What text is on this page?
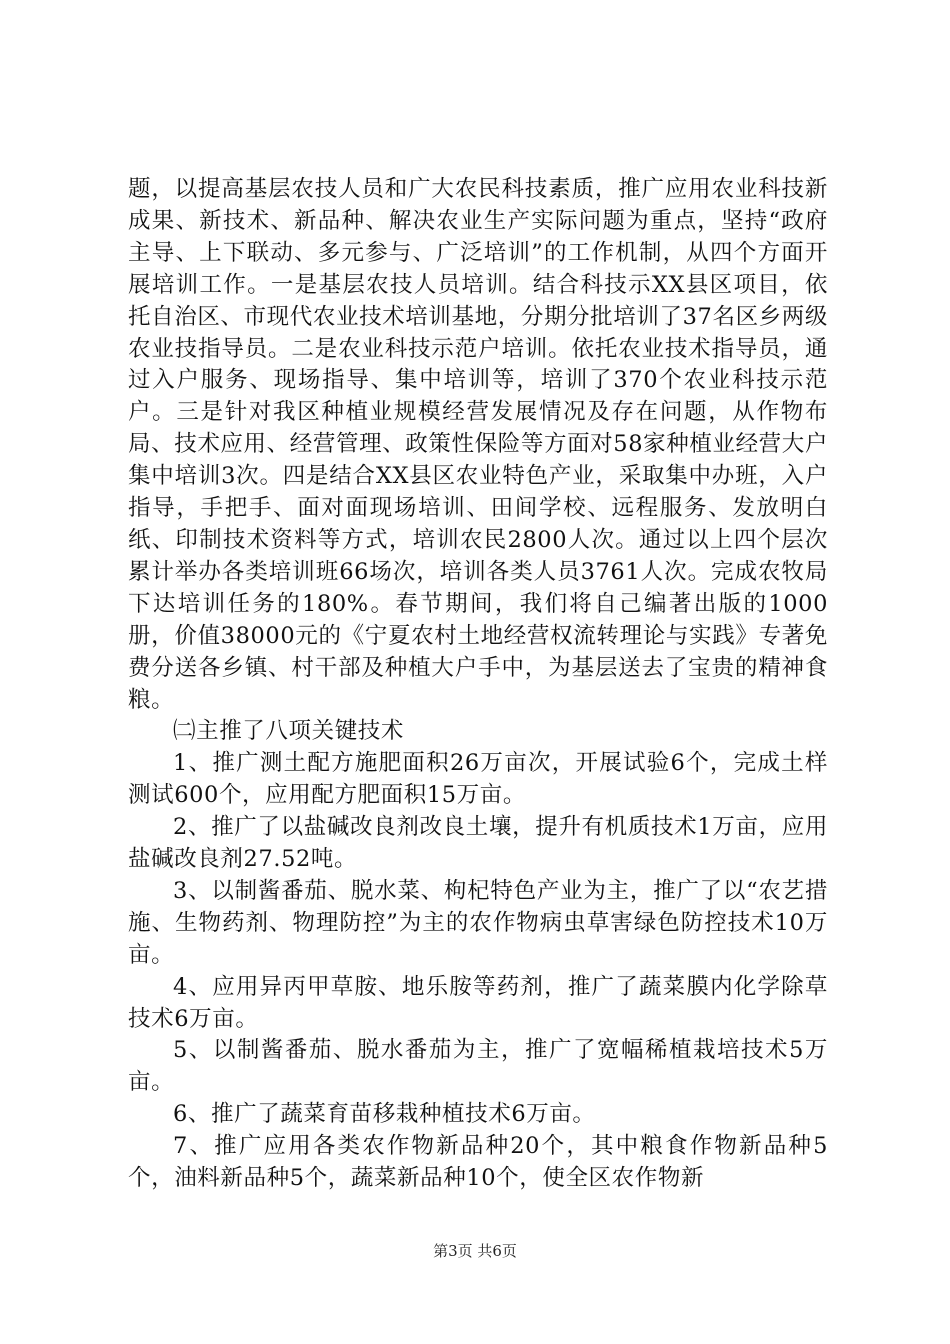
题，以提高基层农技人员和广大农民科技素质，推广应用农业科技新成果、新技术、新品种、解决农业生产实际问题为重点，坚持“政府主导、上下联动、多元参与、广泛培训”的工作机制，从四个方面开展培训工作。一是基层农技人员培训。结合科技示XX县区项目，依托自治区、市现代农业技术培训基地，分期分批培训了37名区乡两级农业技指导员。二是农业科技示范户培训。依托农业技术指导员，通过入户服务、现场指导、集中培训等，培训了370个农业科技示范户。三是针对我区种植业规模经营发展情况及存在问题，从作物布局、技术应用、经营管理、政策性保险等方面对58家种植业经营大户集中培训3次。四是结合XX县区农业特色产业，采取集中办班，入户指导，手把手、面对面现场培训、田间学校、远程服务、发放明白纸、印制技术资料等方式，培训农民2800人次。通过以上四个层次累计举办各类培训班66场次，培训各类人员3761人次。完成农牧局下达培训任务的180%。春节期间，我们将自己编著出版的1000册，价值38000元的《宁夏农村土地经营权流转理论与实践》专著免费分送各乡镇、村干部及种植大户手中，为基层送去了宝贵的精神食粮。

㈡主推了八项关键技术

1、推广测土配方施肥面积26万亩次，开展试验6个，完成土样测试600个，应用配方肥面积15万亩。

2、推广了以盐碱改良剂改良土壤，提升有机质技术1万亩，应用盐碱改良剂27.52吨。

3、以制酱番茄、脱水菜、枸杞特色产业为主，推广了以“农艺措施、生物药剂、物理防控”为主的农作物病虫草害绿色防控技术10万亩。

4、应用异丙甲草胺、地乐胺等药剂，推广了蔬菜膜内化学除草技术6万亩。

5、以制酱番茄、脱水番茄为主，推广了宽幅稀植栽培技术5万亩。

6、推广了蔬菜育苗移栽种植技术6万亩。

7、推广应用各类农作物新品种20个，其中粮食作物新品种5个，油料新品种5个，蔬菜新品种10个，使全区农作物新

第3页 共6页
